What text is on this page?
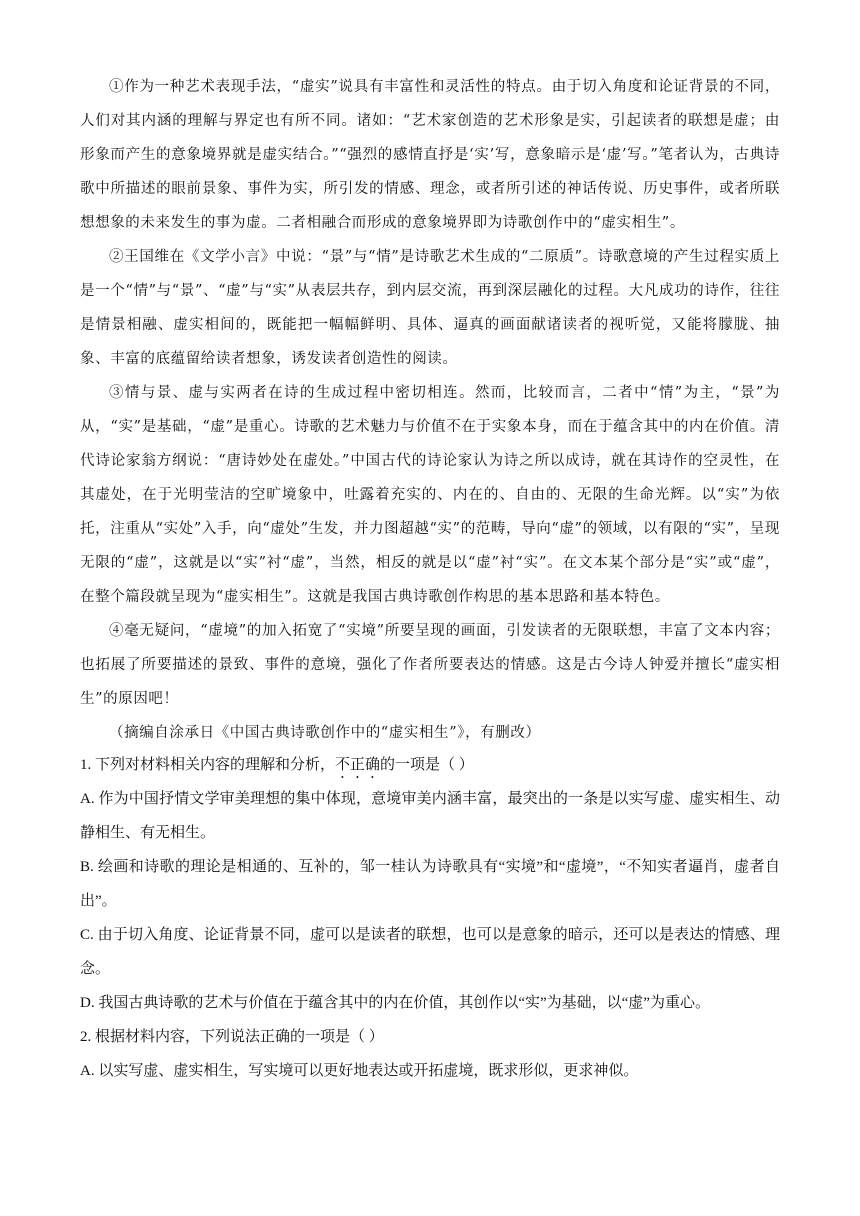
①作为一种艺术表现手法，“虚实”说具有丰富性和灵活性的特点。由于切入角度和论证背景的不同，人们对其内涵的理解与界定也有所不同。诸如：“艺术家创造的艺术形象是实，引起读者的联想是虚；由形象而产生的意象境界就是虚实结合。”“强烈的感情直抒是‘实’写，意象暗示是‘虚’写。”笔者认为，古典诗歌中所描述的眼前景象、事件为实，所引发的情感、理念，或者所引述的神话传说、历史事件，或者所联想想象的未来发生的事为虚。二者相融合而形成的意象境界即为诗歌创作中的“虚实相生”。

②王国维在《文学小言》中说：“景”与“情”是诗歌艺术生成的“二原质”。诗歌意境的产生过程实质上是一个“情”与“景”、“虚”与“实”从表层共存，到内层交流，再到深层融化的过程。大凡成功的诗作，往往是情景相融、虚实相间的，既能把一幅幅鲜明、具体、逼真的画面献诸读者的视听觉，又能将朦胧、抽象、丰富的底蕴留给读者想象，诱发读者创造性的阅读。

③情与景、虚与实两者在诗的生成过程中密切相连。然而，比较而言，二者中“情”为主，“景”为从，“实”是基础，“虚”是重心。诗歌的艺术魅力与价值不在于实象本身，而在于蕴含其中的内在价值。清代诗论家翁方纲说：“唐诗妙处在虚处。”中国古代的诗论家认为诗之所以成诗，就在其诗作的空灵性，在其虚处，在于光明莹洁的空旷境象中，吐露着充实的、内在的、自由的、无限的生命光辉。以“实”为依托，注重从“实处”入手，向“虚处”生发，并力图超越“实”的范畴，导向“虚”的领域，以有限的“实”，呈现无限的“虚”，这就是以“实”衬“虚”，当然，相反的就是以“虚”衬“实”。在文本某个部分是“实”或“虚”，在整个篇段就呈现为“虚实相生”。这就是我国古典诗歌创作构思的基本思路和基本特色。

④毫无疑问，“虚境”的加入拓宽了“实境”所要呈现的画面，引发读者的无限联想，丰富了文本内容；也拓展了所要描述的景致、事件的意境，强化了作者所要表达的情感。这是古今诗人钟爱并擅长“虚实相生”的原因吧！

（摘编自涂承日《中国古典诗歌创作中的“虚实相生”》，有删改）

1. 下列对材料相关内容的理解和分析，不正确的一项是（ ）

A. 作为中国抒情文学审美理想的集中体现，意境审美内涵丰富，最突出的一条是以实写虚、虚实相生、动静相生、有无相生。

B. 绘画和诗歌的理论是相通的、互补的，邹一桂认为诗歌具有“实境”和“虚境”，“不知实者逼肖，虚者自出”。

C. 由于切入角度、论证背景不同，虚可以是读者的联想，也可以是意象的暗示，还可以是表达的情感、理念。

D. 我国古典诗歌的艺术与价值在于蕴含其中的内在价值，其创作以“实”为基础，以“虚”为重心。

2. 根据材料内容，下列说法正确的一项是（ ）

A. 以实写虚、虚实相生，写实境可以更好地表达或开拓虚境，既求形似，更求神似。
